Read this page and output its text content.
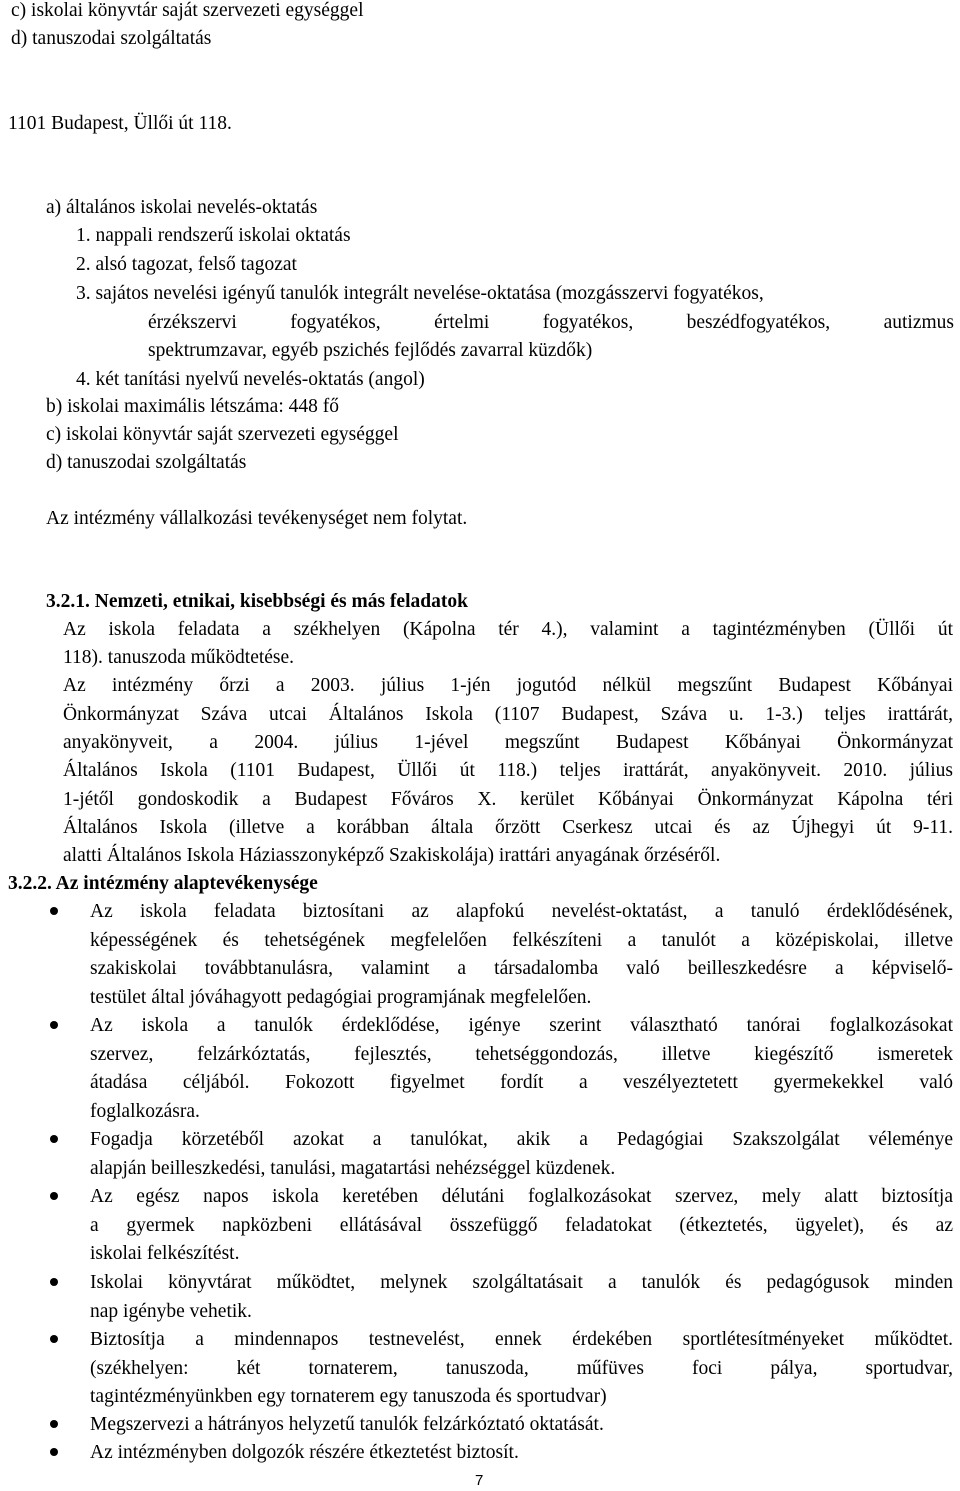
c) iskolai könyvtár saját szervezeti egységgel
d) tanuszodai szolgáltatás
1101 Budapest, Üllői út 118.
a) általános iskolai nevelés-oktatás
1. nappali rendszerű iskolai oktatás
2. alsó tagozat, felső tagozat
3. sajátos nevelési igényű tanulók integrált nevelése-oktatása (mozgásszervi fogyatékos,
érzékszervi fogyatékos, értelmi fogyatékos, beszédfogyatékos, autizmus
spektrumzavar, egyéb pszichés fejlődés zavarral küzdők)
4. két tanítási nyelvű nevelés-oktatás (angol)
b) iskolai maximális létszáma: 448 fő
c) iskolai könyvtár saját szervezeti egységgel
d) tanuszodai szolgáltatás
Az intézmény vállalkozási tevékenységet nem folytat.
3.2.1. Nemzeti, etnikai, kisebbségi és más feladatok
Az iskola feladata a székhelyen (Kápolna tér 4.), valamint a tagintézményben (Üllői út
118). tanuszoda működtetése.
Az intézmény őrzi a 2003. július 1-jén jogutód nélkül megszűnt Budapest Kőbányai
Önkormányzat Száva utcai Általános Iskola (1107 Budapest, Száva u. 1-3.) teljes irattárát,
anyakönyveit, a 2004. július 1-jével megszűnt Budapest Kőbányai Önkormányzat
Általános Iskola (1101 Budapest, Üllői út 118.) teljes irattárát, anyakönyveit. 2010. július
1-jétől gondoskodik a Budapest Főváros X. kerület Kőbányai Önkormányzat Kápolna téri
Általános Iskola (illetve a korábban általa őrzött Cserkesz utcai és az Újhegyi út 9-11.
alatti Általános Iskola Háziasszonyképző Szakiskolája) irattári anyagának őrzéséről.
3.2.2. Az intézmény alaptevékenysége
Az iskola feladata biztosítani az alapfokú nevelést-oktatást, a tanuló érdeklődésének,
képességének és tehetségének megfelelően felkészíteni a tanulót a középiskolai, illetve
szakiskolai továbbtanulásra, valamint a társadalomba való beilleszkedésre a képviselő-
testület által jóváhagyott pedagógiai programjának megfelelően.
Az iskola a tanulók érdeklődése, igénye szerint választható tanórai foglalkozásokat
szervez, felzárkóztatás, fejlesztés, tehetséggondozás, illetve kiegészítő ismeretek
átadása céljából. Fokozott figyelmet fordít a veszélyeztetett gyermekekkel való
foglalkozásra.
Fogadja körzetéből azokat a tanulókat, akik a Pedagógiai Szakszolgálat véleménye
alapján beilleszkedési, tanulási, magatartási nehézséggel küzdenek.
Az egész napos iskola keretében délutáni foglalkozásokat szervez, mely alatt biztosítja
a gyermek napközbeni ellátásával összefüggő feladatokat (étkeztetés, ügyelet), és az
iskolai felkészítést.
Iskolai könyvtárat működtet, melynek szolgáltatásait a tanulók és pedagógusok minden
nap igénybe vehetik.
Biztosítja a mindennapos testnevelést, ennek érdekében sportlétesítményeket működtet.
(székhelyen: két tornaterem, tanuszoda, műfüves foci pálya, sportudvar,
tagintézményünkben egy tornaterem egy tanuszoda és sportudvar)
Megszervezi a hátrányos helyzetű tanulók felzárkóztató oktatását.
Az intézményben dolgozók részére étkeztetést biztosít.
7
